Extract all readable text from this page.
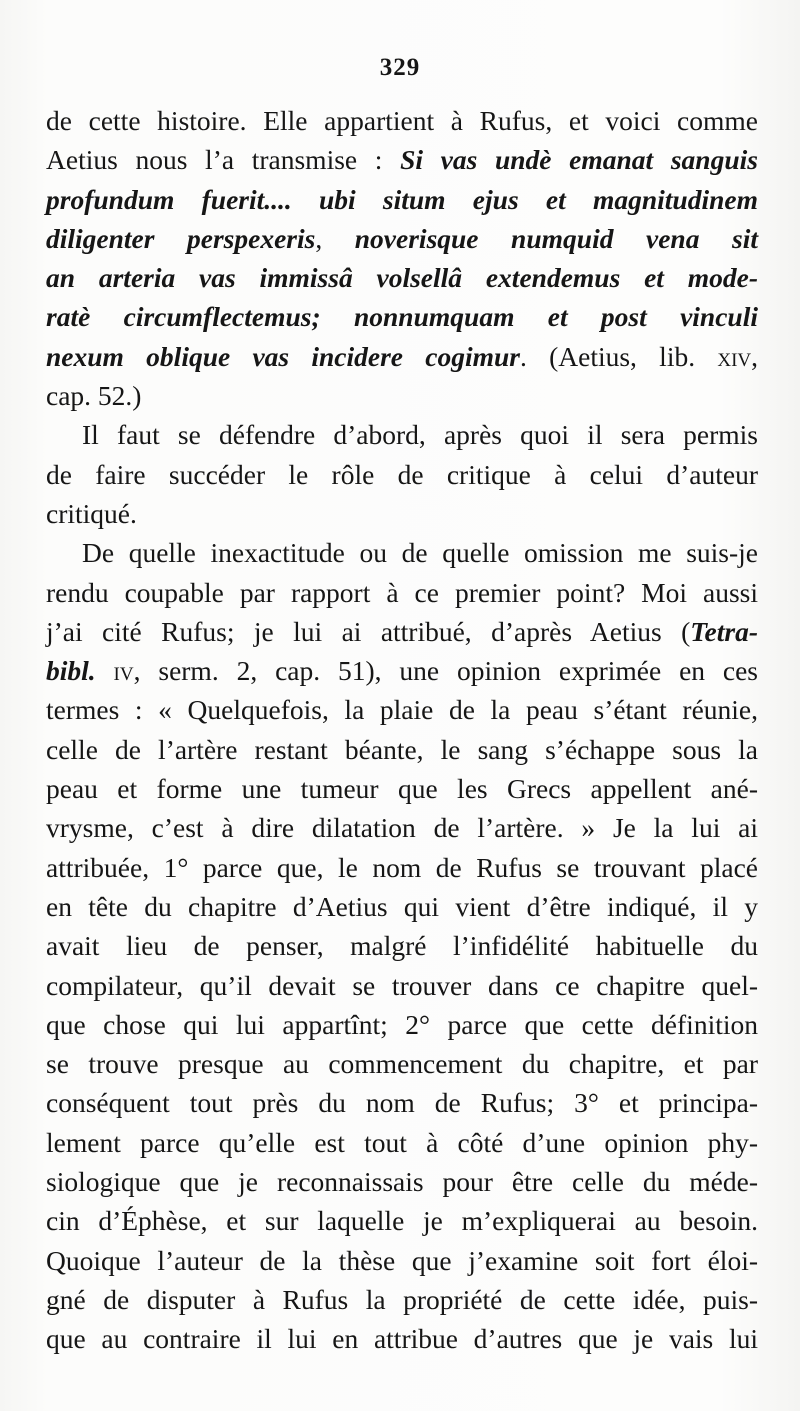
329
de cette histoire. Elle appartient à Rufus, et voici comme
Aetius nous l’a transmise : Si vas undè emanat sanguis
profundum fuerit.... ubi situm ejus et magnitudinem
diligenter perspexeris, noverisque numquid vena sit
an arteria vas immissâ volsellâ extendemus et mode-
ratè circumflectemus; nonnumquam et post vinculi
nexum oblique vas incidere cogimur. (Aetius, lib. xiv,
cap. 52.)
Il faut se défendre d’abord, après quoi il sera permis
de faire succéder le rôle de critique à celui d’auteur
critiqué.
De quelle inexactitude ou de quelle omission me suis-je
rendu coupable par rapport à ce premier point? Moi aussi
j’ai cité Rufus; je lui ai attribué, d’après Aetius (Tetra-
bibl. iv, serm. 2, cap. 51), une opinion exprimée en ces
termes : « Quelquefois, la plaie de la peau s’étant réunie,
celle de l’artère restant béante, le sang s’échappe sous la
peau et forme une tumeur que les Grecs appellent ané-
vrysme, c’est à dire dilatation de l’artère. » Je la lui ai
attribuée, 1° parce que, le nom de Rufus se trouvant placé
en tête du chapitre d’Aetius qui vient d’être indiqué, il y
avait lieu de penser, malgré l’infidélité habituelle du
compilateur, qu’il devait se trouver dans ce chapitre quel-
que chose qui lui appartînt; 2° parce que cette définition
se trouve presque au commencement du chapitre, et par
conséquent tout près du nom de Rufus; 3° et principa-
lement parce qu’elle est tout à côté d’une opinion phy-
siologique que je reconnaissais pour être celle du méde-
cin d’Éphèse, et sur laquelle je m’expliquerai au besoin.
Quoique l’auteur de la thèse que j’examine soit fort éloi-
gné de disputer à Rufus la propriété de cette idée, puis-
que au contraire il lui en attribue d’autres que je vais lui
